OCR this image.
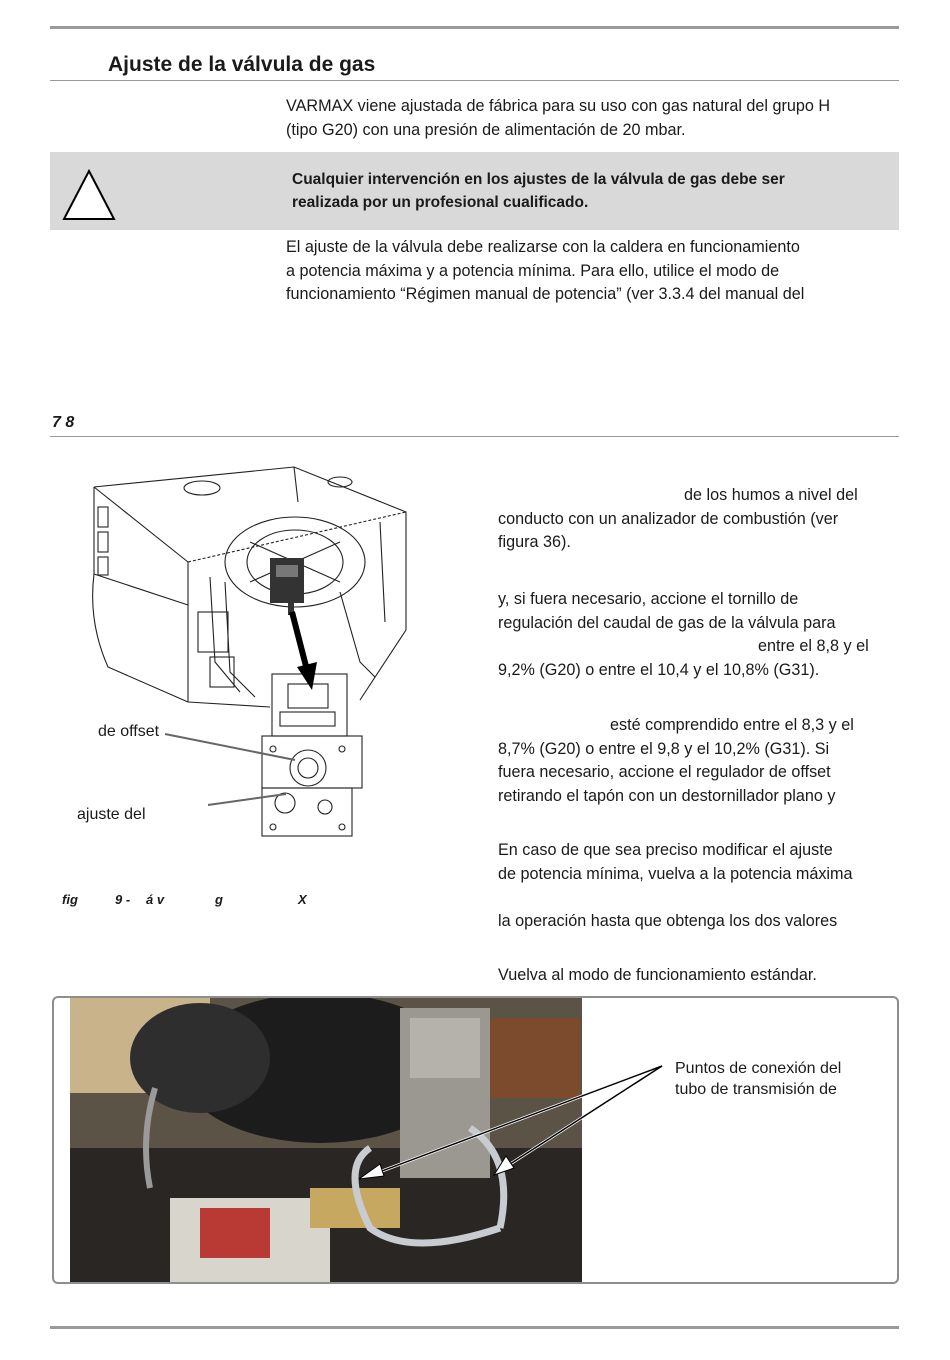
Ajuste de la válvula de gas
VARMAX viene ajustada de fábrica para su uso con gas natural del grupo H
(tipo G20) con una presión de alimentación de 20 mbar.
Cualquier intervención en los ajustes de la válvula de gas debe ser
realizada por un profesional cualificado.
El ajuste de la válvula debe realizarse con la caldera en funcionamiento
a potencia máxima y a potencia mínima. Para ello, utilice el modo de
funcionamiento “Régimen manual de potencia” (ver 3.3.4 del manual del
7 8
de offset
ajuste del
fig	9 - á v	g	X
de los humos a nivel del
conducto con un analizador de combustión (ver
figura 36).
y, si fuera necesario, accione el tornillo de
regulación del caudal de gas de la válvula para
entre el 8,8 y el
9,2% (G20) o entre el 10,4 y el 10,8% (G31).
esté comprendido entre el 8,3 y el
8,7% (G20) o entre el 9,8 y el 10,2% (G31). Si
fuera necesario, accione el regulador de offset
retirando el tapón con un destornillador plano y
En caso de que sea preciso modificar el ajuste
de potencia mínima, vuelva a la potencia máxima
la operación hasta que obtenga los dos valores
Vuelva al modo de funcionamiento estándar.
Puntos de conexión del
tubo de transmisión de
